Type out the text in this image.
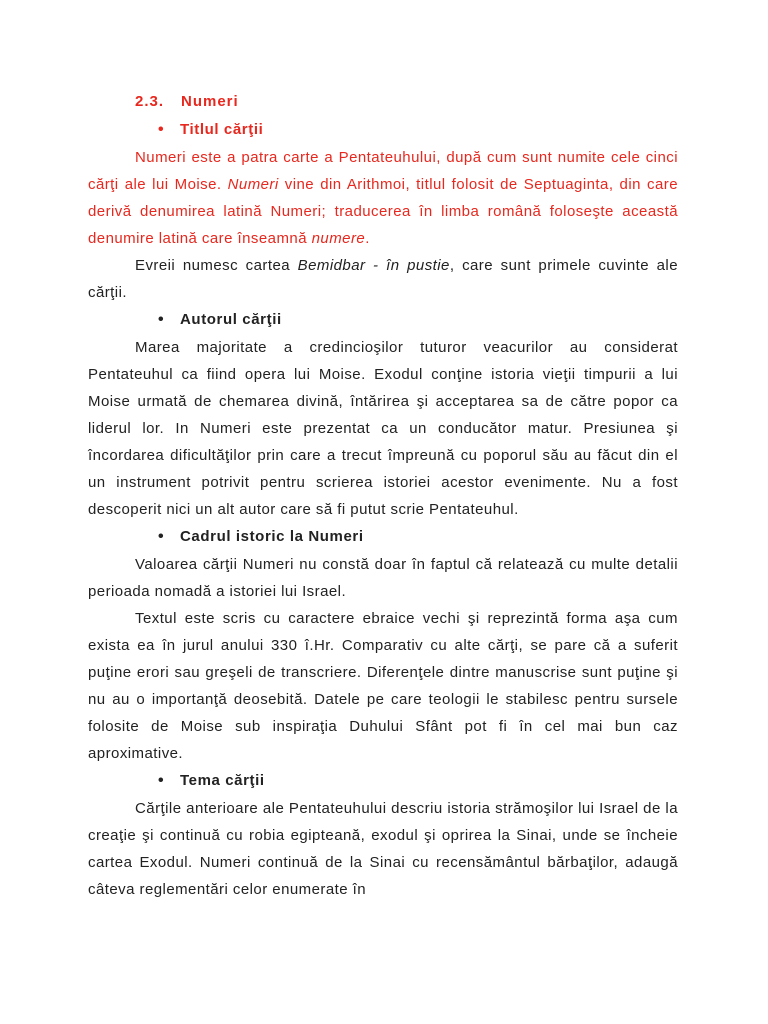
2.3. Numeri
• Titlul cărţii

Numeri este a patra carte a Pentateuhului, după cum sunt numite cele cinci cărţi ale lui Moise. Numeri vine din Arithmoi, titlul folosit de Septuaginta, din care derivă denumirea latină Numeri; traducerea în limba română foloseşte această denumire latină care înseamnă numere.

Evreii numesc cartea Bemidbar - în pustie, care sunt primele cuvinte ale cărţii.

• Autorul cărţii

Marea majoritate a credincioşilor tuturor veacurilor au considerat Pentateuhul ca fiind opera lui Moise. Exodul conţine istoria vieţii timpurii a lui Moise urmată de chemarea divină, întărirea şi acceptarea sa de către popor ca liderul lor. In Numeri este prezentat ca un conducător matur. Presiunea şi încordarea dificultăţilor prin care a trecut împreună cu poporul său au făcut din el un instrument potrivit pentru scrierea istoriei acestor evenimente. Nu a fost descoperit nici un alt autor care să fi putut scrie Pentateuhul.

• Cadrul istoric la Numeri

Valoarea cărţii Numeri nu constă doar în faptul că relatează cu multe detalii perioada nomadă a istoriei lui Israel.

Textul este scris cu caractere ebraice vechi şi reprezintă forma aşa cum exista ea în jurul anului 330 î.Hr. Comparativ cu alte cărţi, se pare că a suferit puţine erori sau greşeli de transcriere. Diferenţele dintre manuscrise sunt puţine şi nu au o importanţă deosebită. Datele pe care teologii le stabilesc pentru sursele folosite de Moise sub inspiraţia Duhului Sfânt pot fi în cel mai bun caz aproximative.

• Tema cărţii

Cărţile anterioare ale Pentateuhului descriu istoria strămoşilor lui Israel de la creaţie şi continuă cu robia egipteană, exodul şi oprirea la Sinai, unde se încheie cartea Exodul. Numeri continuă de la Sinai cu recensământul bărbaţilor, adaugă câteva reglementări celor enumerate în
